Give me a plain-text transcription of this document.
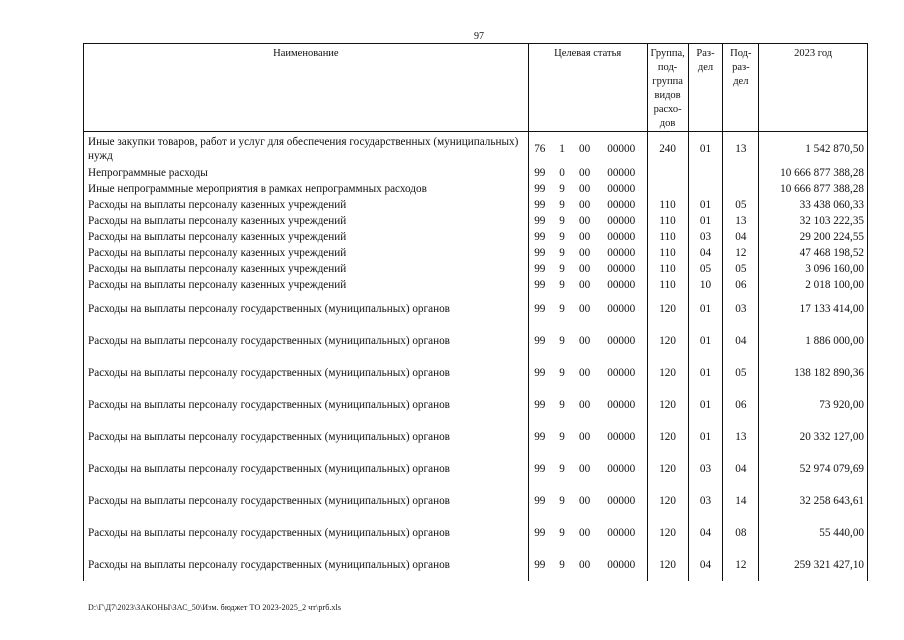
97
Наименование	Целевая статья				Группа, под-группа видов расхо-дов	Раз-дел	Под-раз-дел	2023 год
Иные закупки товаров, работ и услуг для обеспечения государственных (муниципальных) нужд	76	1	00	00000	240	01	13	1 542 870,50
Непрограммные расходы	99	0	00	00000				10 666 877 388,28
Иные непрограммные мероприятия в рамках непрограммных расходов	99	9	00	00000				10 666 877 388,28
Расходы на выплаты персоналу казенных учреждений	99	9	00	00000	110	01	05	33 438 060,33
Расходы на выплаты персоналу казенных учреждений	99	9	00	00000	110	01	13	32 103 222,35
Расходы на выплаты персоналу казенных учреждений	99	9	00	00000	110	03	04	29 200 224,55
Расходы на выплаты персоналу казенных учреждений	99	9	00	00000	110	04	12	47 468 198,52
Расходы на выплаты персоналу казенных учреждений	99	9	00	00000	110	05	05	3 096 160,00
Расходы на выплаты персоналу казенных учреждений	99	9	00	00000	110	10	06	2 018 100,00
Расходы на выплаты персоналу государственных (муниципальных) органов	99	9	00	00000	120	01	03	17 133 414,00
Расходы на выплаты персоналу государственных (муниципальных) органов	99	9	00	00000	120	01	04	1 886 000,00
Расходы на выплаты персоналу государственных (муниципальных) органов	99	9	00	00000	120	01	05	138 182 890,36
Расходы на выплаты персоналу государственных (муниципальных) органов	99	9	00	00000	120	01	06	73 920,00
Расходы на выплаты персоналу государственных (муниципальных) органов	99	9	00	00000	120	01	13	20 332 127,00
Расходы на выплаты персоналу государственных (муниципальных) органов	99	9	00	00000	120	03	04	52 974 079,69
Расходы на выплаты персоналу государственных (муниципальных) органов	99	9	00	00000	120	03	14	32 258 643,61
Расходы на выплаты персоналу государственных (муниципальных) органов	99	9	00	00000	120	04	08	55 440,00
Расходы на выплаты персоналу государственных (муниципальных) органов	99	9	00	00000	120	04	12	259 321 427,10
D:\Г\Д7\2023\ЗАКОНЫ\ЗАС_50\Изм. бюджет ТО 2023-2025_2 чт\рrб.xls
